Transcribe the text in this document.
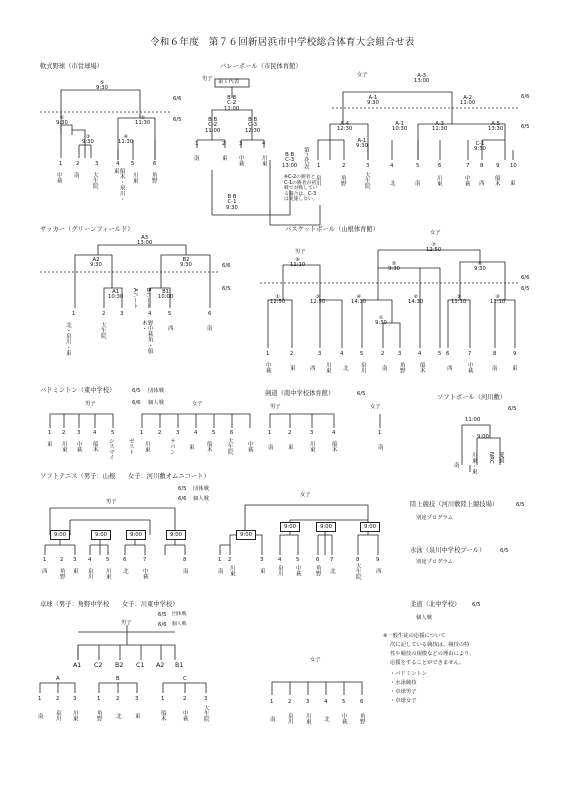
令和６年度　第７６回新居浜市中学校総合体育大会組合せ表
軟式野球（市営球場）
⑤
9:30
①
9:30
②
11:30
③
9:30
④
11:30
6/6
6/5
1	2	3	4 5	6
中萩 南 大生院	船木・泉川・東
川東 角野
バレーボール（市民体育館）
男子 第１代表
B B
C-2
11:00
B B
C-2
11:00
B B
C-3
12:30
1	2	3	4
南	東 中萩	川東	B B
C-3
13:00
B B
C-1
9:30
第２代表
※C-2の勝者とC-1の勝者が初戦で対戦している場合は、C-3は実施しない。
女子	A-3
13:00
A-1
9:30
A-2
11:00
A-4
12:30
A-1
9:30
A-1
10:30
A-3
11:30
A-5
13:30
C-1
9:30
6/6
6/5
1	2	3	4	5	6	7 8 9 10
泉川	角野	大生院	北	南	川東	中萩 西 船木 東
サッカー（グリーンフィールド）
A3
13:00
A2
9:30
B2
9:30
A1
10:30
B1
10:00
Aコート Bコート
6/6
6/5
1	2	3	4	5	6
北・泉川・東	大生院	野中萩角・船木・	西	南
バスケットボール（山根体育館）
男子
女子
⑥
11:10
①
12:50
③
12:50
④
14:30
①
9:30
⑦
12:50
⑤
9:30
⑥
9:30
②
14:30
③
11:10
②
11:10
6/6
6/5
1	2	3	4	5
中萩	東	西 川東 北
2	3	4	5 6	7	8	9
泉川	南 角野	船木	西	中萩	南	東
バドミントン（東中学校）	6/5 団体戦
6/6 個人戦
男子	女子
1 2 3 4	5
東 川東 中萩 船木 シスマイ
1	2	3	4	5	6
ゼスト 川東	ラパン 東 船木	大生院	中萩
剣道（南中学校体育館）	6/5
男子	女子
1	2	3	4
南	東	川東	船木
1
南
ソフトボール（河川敷）
6/5
11:00
9:00
南 川東・東 NRC 愛媛
ソフトテニス（男子：山根　　女子：河川敷オムニコート）
6/5 団体戦
6/6 個人戦
男子
女子
9:00	9:00	9:00	9:00
1	2 3 4	5	6	7	8
西 角野 東 泉川 川東 北	中萩	南
9:00
9:00	9:00	9:00
1 2	3	4	5	6 7	8	9
南 川東	東 泉川 中萩	角野 北	大生院	西
陸上競技（河川敷陸上競技場）	6/5
別途プログラム
水泳（泉川中学校プール）	6/5
別途プログラム
卓球（男子：角野中学校　　女子：川東中学校）
6/5 団体戦
6/6 個人戦
男子
女子
A1 C2 B2 C1 A2 B1
A	B	C
1	2	3	1	2	3	1	2	3
南 泉川 川東	角野 北 東	船木	中萩	大生院
1	2	3	4	5	6
南 泉川 川東 北 中萩 角野
柔道（北中学校） 6/5
個人戦
※一般生徒の応援について
次に記している競技は、競技の特
性や競技の規模などの理由により、
応援をすることができません。
・バドミントン
・水泳競技
・卓球男子
・卓球女子
